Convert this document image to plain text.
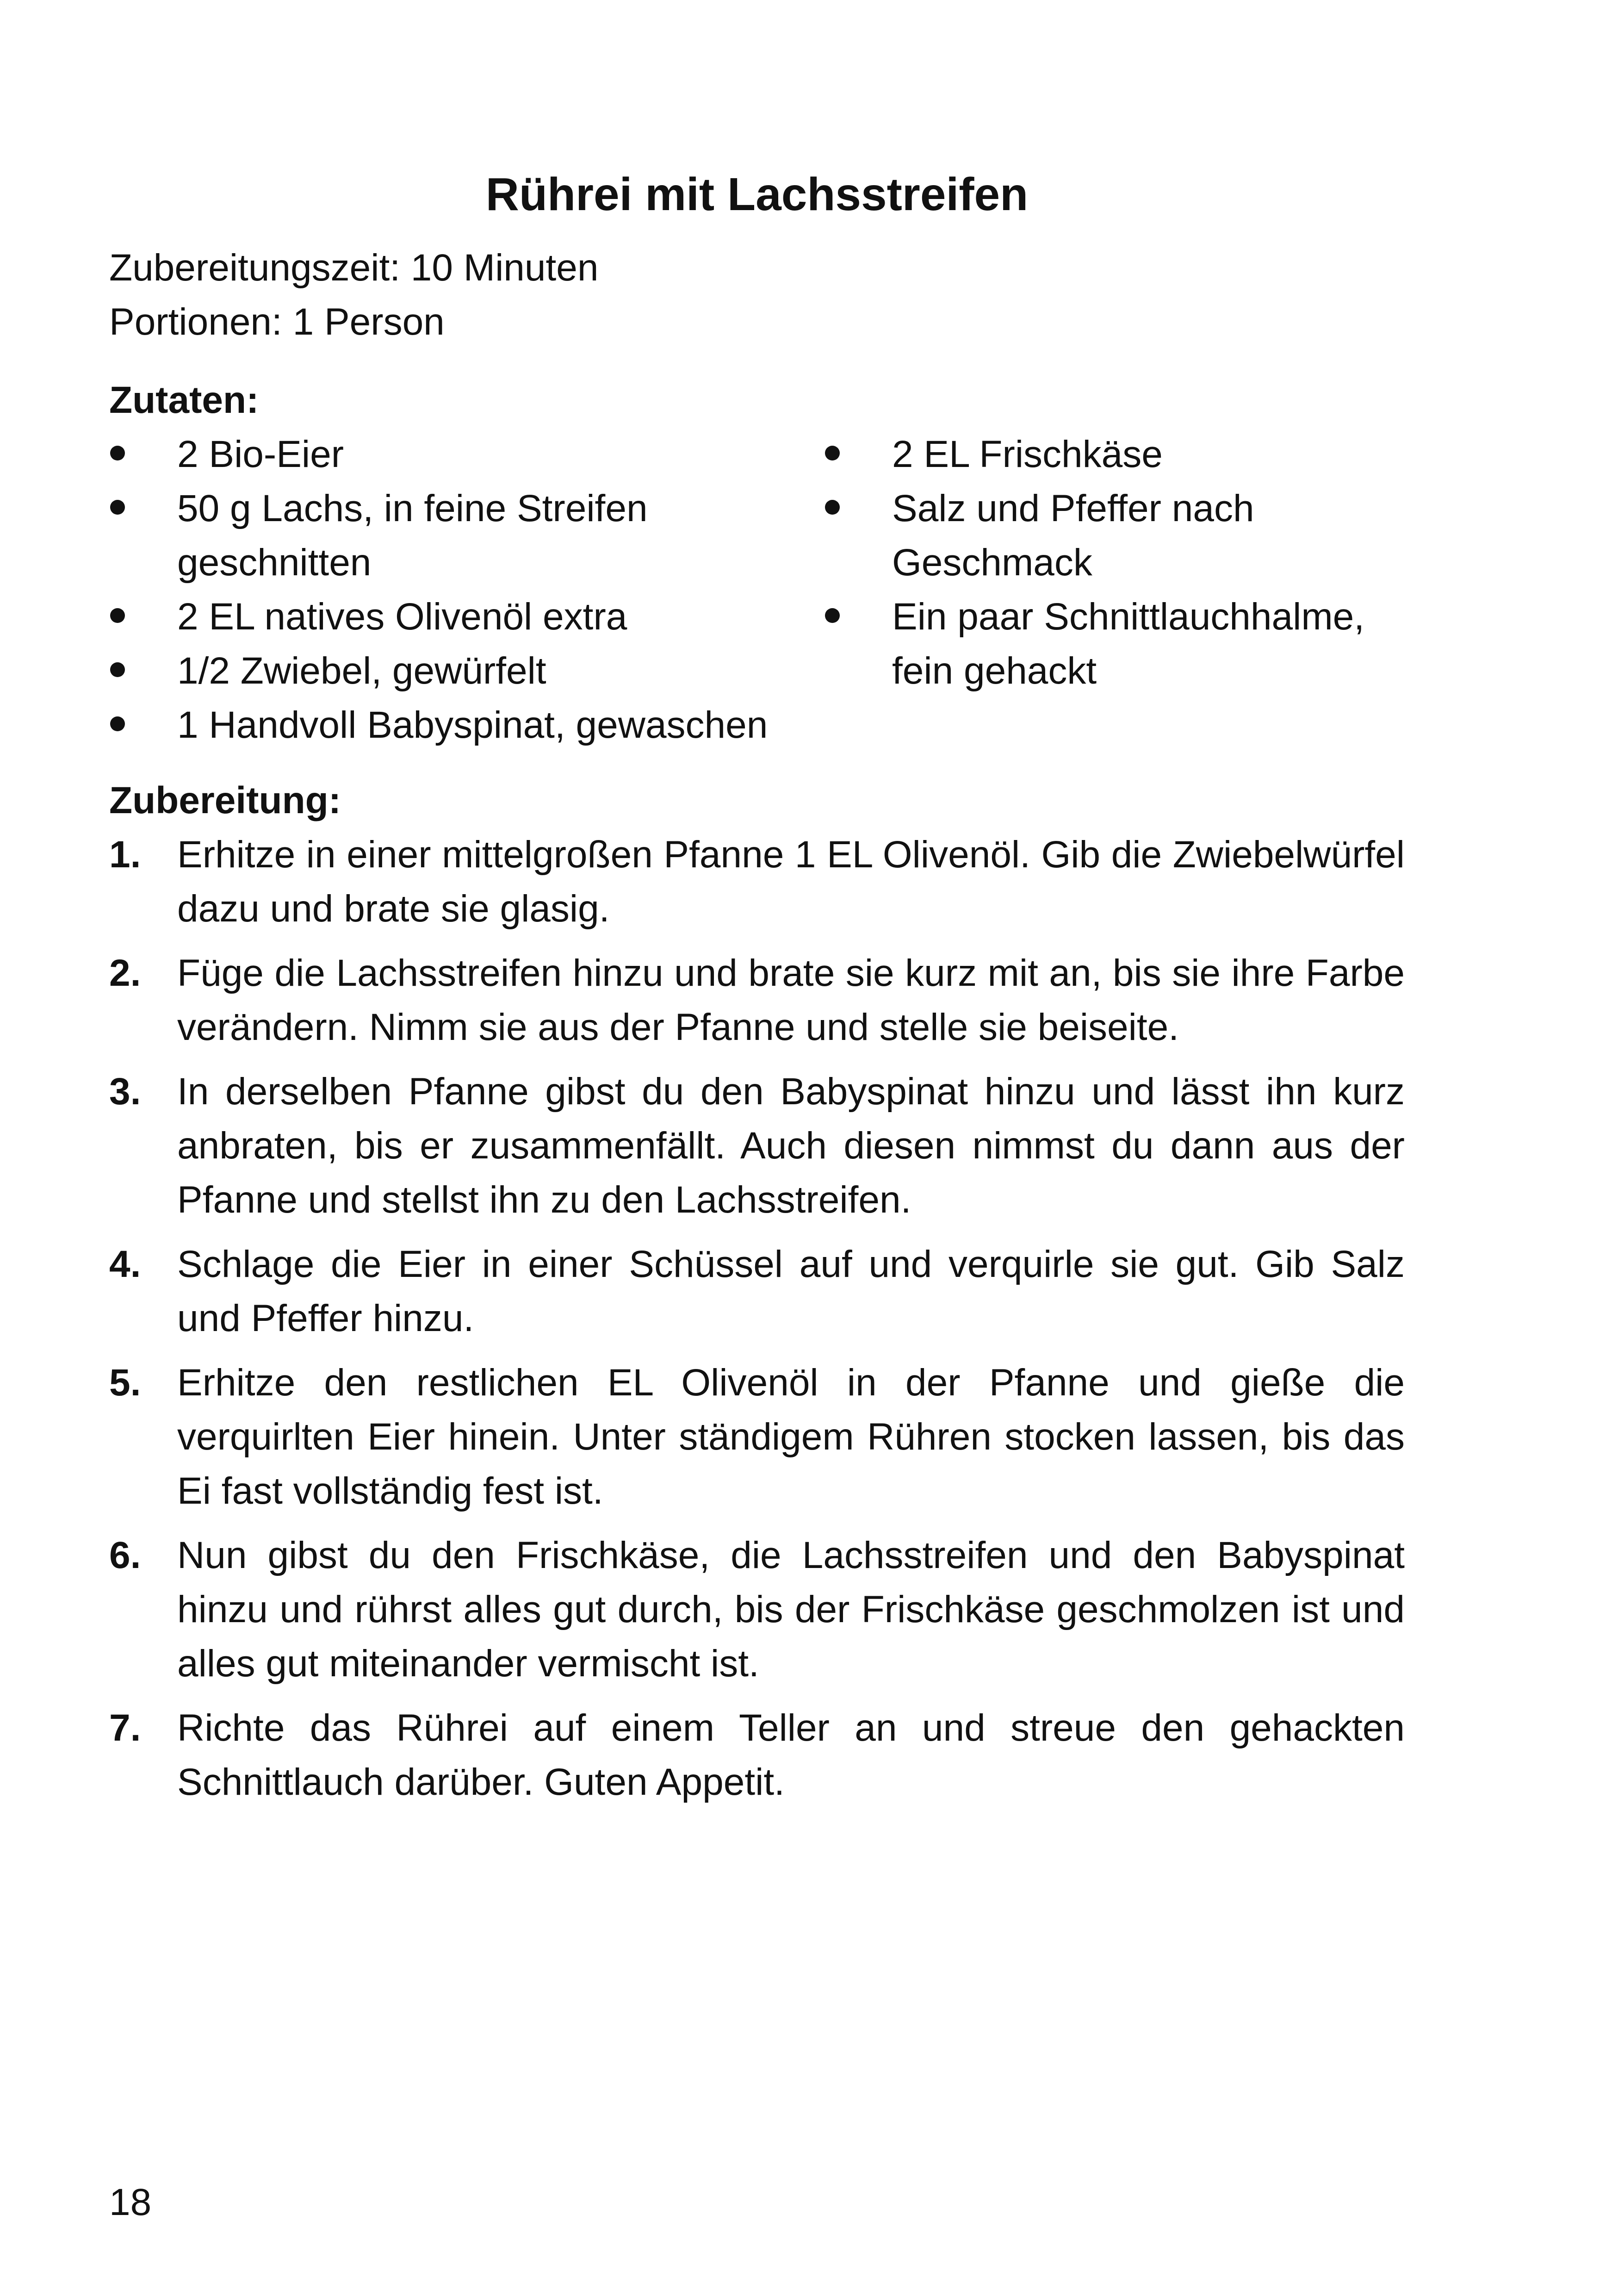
Rührei mit Lachsstreifen
Zubereitungszeit: 10 Minuten
Portionen: 1 Person
Zutaten:
2 Bio-Eier
50 g Lachs, in feine Streifen geschnitten
2 EL natives Olivenöl extra
1/2 Zwiebel, gewürfelt
1 Handvoll Babyspinat, gewaschen
2 EL Frischkäse
Salz und Pfeffer nach Geschmack
Ein paar Schnittlauchhalme, fein gehackt
Zubereitung:
1. Erhitze in einer mittelgroßen Pfanne 1 EL Olivenöl. Gib die Zwiebelwürfel dazu und brate sie glasig.
2. Füge die Lachsstreifen hinzu und brate sie kurz mit an, bis sie ihre Farbe verändern. Nimm sie aus der Pfanne und stelle sie beiseite.
3. In derselben Pfanne gibst du den Babyspinat hinzu und lässt ihn kurz anbraten, bis er zusammenfällt. Auch diesen nimmst du dann aus der Pfanne und stellst ihn zu den Lachsstreifen.
4. Schlage die Eier in einer Schüssel auf und verquirle sie gut. Gib Salz und Pfeffer hinzu.
5. Erhitze den restlichen EL Olivenöl in der Pfanne und gieße die verquirlten Eier hinein. Unter ständigem Rühren stocken lassen, bis das Ei fast vollständig fest ist.
6. Nun gibst du den Frischkäse, die Lachsstreifen und den Babyspinat hinzu und rührst alles gut durch, bis der Frischkäse geschmolzen ist und alles gut miteinander vermischt ist.
7. Richte das Rührei auf einem Teller an und streue den gehackten Schnittlauch darüber. Guten Appetit.
18
